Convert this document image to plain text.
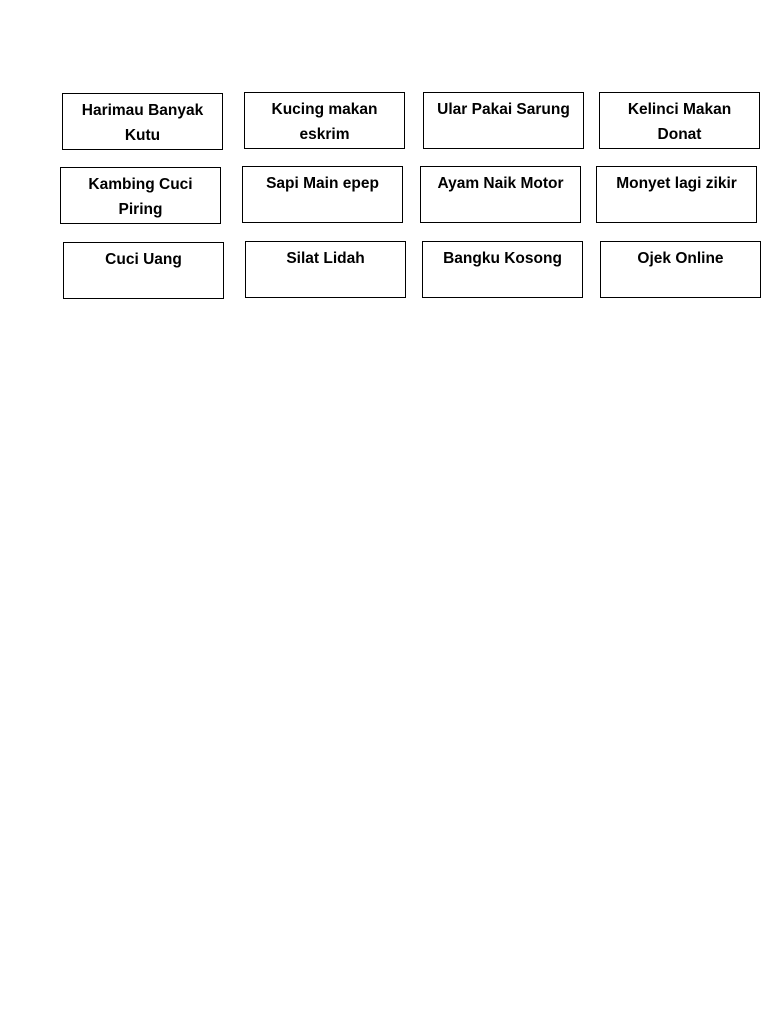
Harimau Banyak Kutu
Kucing makan eskrim
Ular Pakai Sarung	Kelinci Makan Donat
Kambing Cuci Piring
Sapi Main epep	Ayam Naik Motor	Monyet lagi zikir
Cuci Uang	Silat Lidah	Bangku Kosong	Ojek Online
